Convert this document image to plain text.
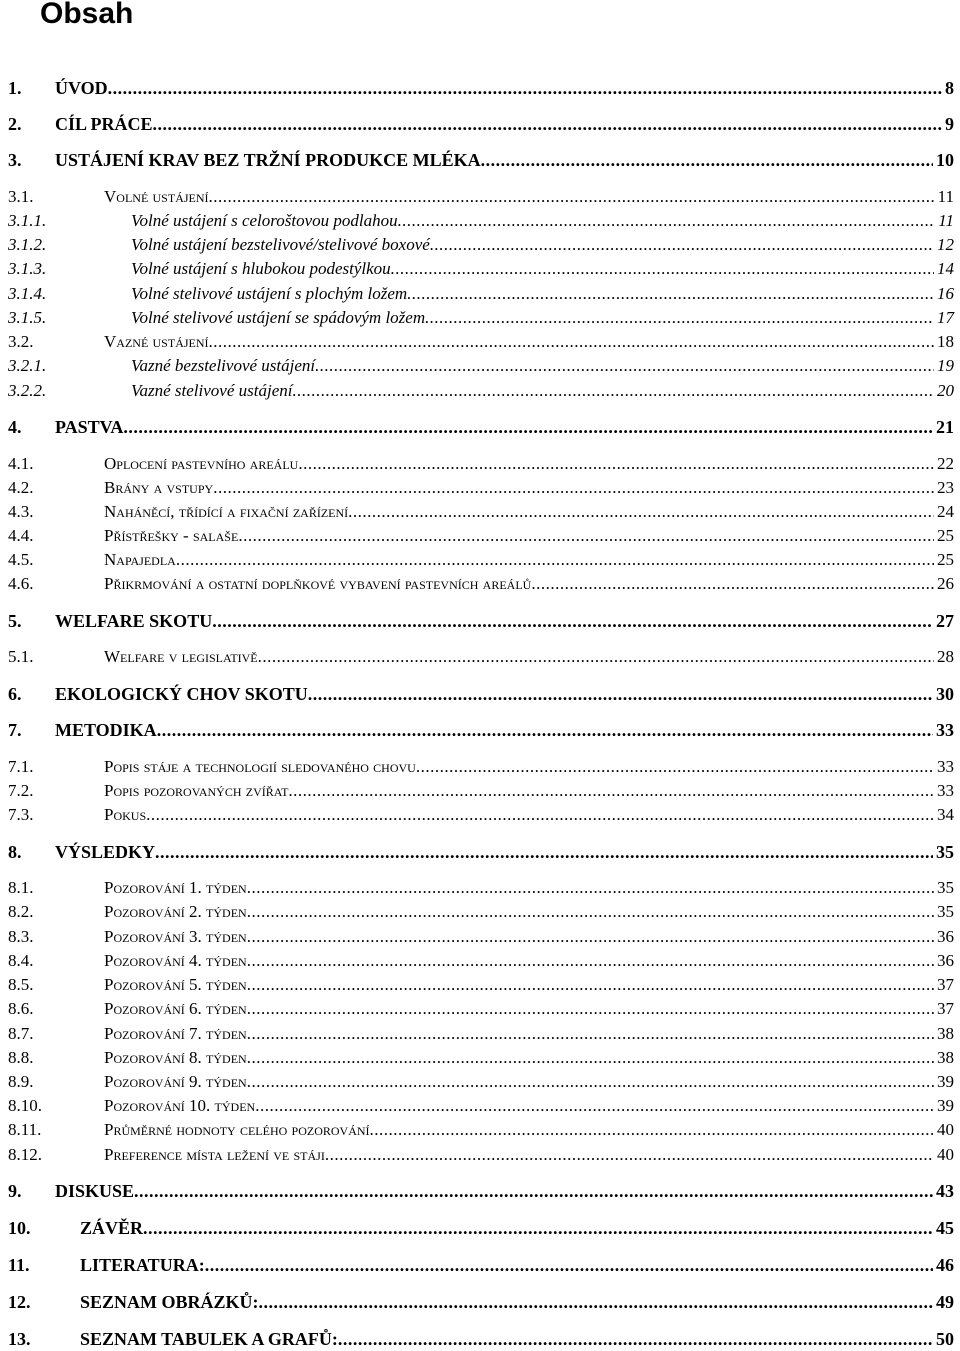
Obsah
1. ÚVOD .....	8
2. CÍL PRÁCE .....	9
3. USTÁJENÍ KRAV BEZ TRŽNÍ PRODUKCE MLÉKA .....	10
3.1.	Volné ustájení .....	11
3.1.1.	Volné ustájení s celoroštovou podlahou .....	11
3.1.2.	Volné ustájení bezstelivové/stelivové boxové .....	12
3.1.3.	Volné ustájení s hlubokou podestýlkou .....	14
3.1.4.	Volné stelivové ustájení s plochým ložem .....	16
3.1.5.	Volné stelivové ustájení se spádovým ložem .....	17
3.2.	Vazné ustájení .....	18
3.2.1.	Vazné bezstelivové ustájení .....	19
3.2.2.	Vazné stelivové ustájení .....	20
4. PASTVA .....	21
4.1.	Oplocení pastevního areálu .....	22
4.2.	Brány a vstupy .....	23
4.3.	Naháněcí, třídící a fixační zařízení .....	24
4.4.	Přístřešky - salaše .....	25
4.5.	Napajedla .....	25
4.6.	Přikrmování a ostatní doplňkové vybavení pastevních areálů .....	26
5. WELFARE SKOTU .....	27
5.1.	Welfare v legislativě .....	28
6. EKOLOGICKÝ CHOV SKOTU .....	30
7. METODIKA .....	33
7.1.	Popis stáje a technologií sledovaného chovu .....	33
7.2.	Popis pozorovaných zvířat .....	33
7.3.	Pokus .....	34
8. VÝSLEDKY .....	35
8.1.	Pozorování 1. týden .....	35
8.2.	Pozorování 2. týden .....	35
8.3.	Pozorování 3. týden .....	36
8.4.	Pozorování 4. týden .....	36
8.5.	Pozorování 5. týden .....	37
8.6.	Pozorování 6. týden .....	37
8.7.	Pozorování 7. týden .....	38
8.8.	Pozorování 8. týden .....	38
8.9.	Pozorování 9. týden .....	39
8.10.	Pozorování 10. týden .....	39
8.11.	Průměrné hodnoty celého pozorování .....	40
8.12.	Preference místa ležení ve stáji .....	40
9. DISKUSE .....	43
10.	ZÁVĚR .....	45
11.	LITERATURA: .....	46
12.	SEZNAM OBRÁZKŮ: .....	49
13.	SEZNAM TABULEK A GRAFŮ: .....	50
